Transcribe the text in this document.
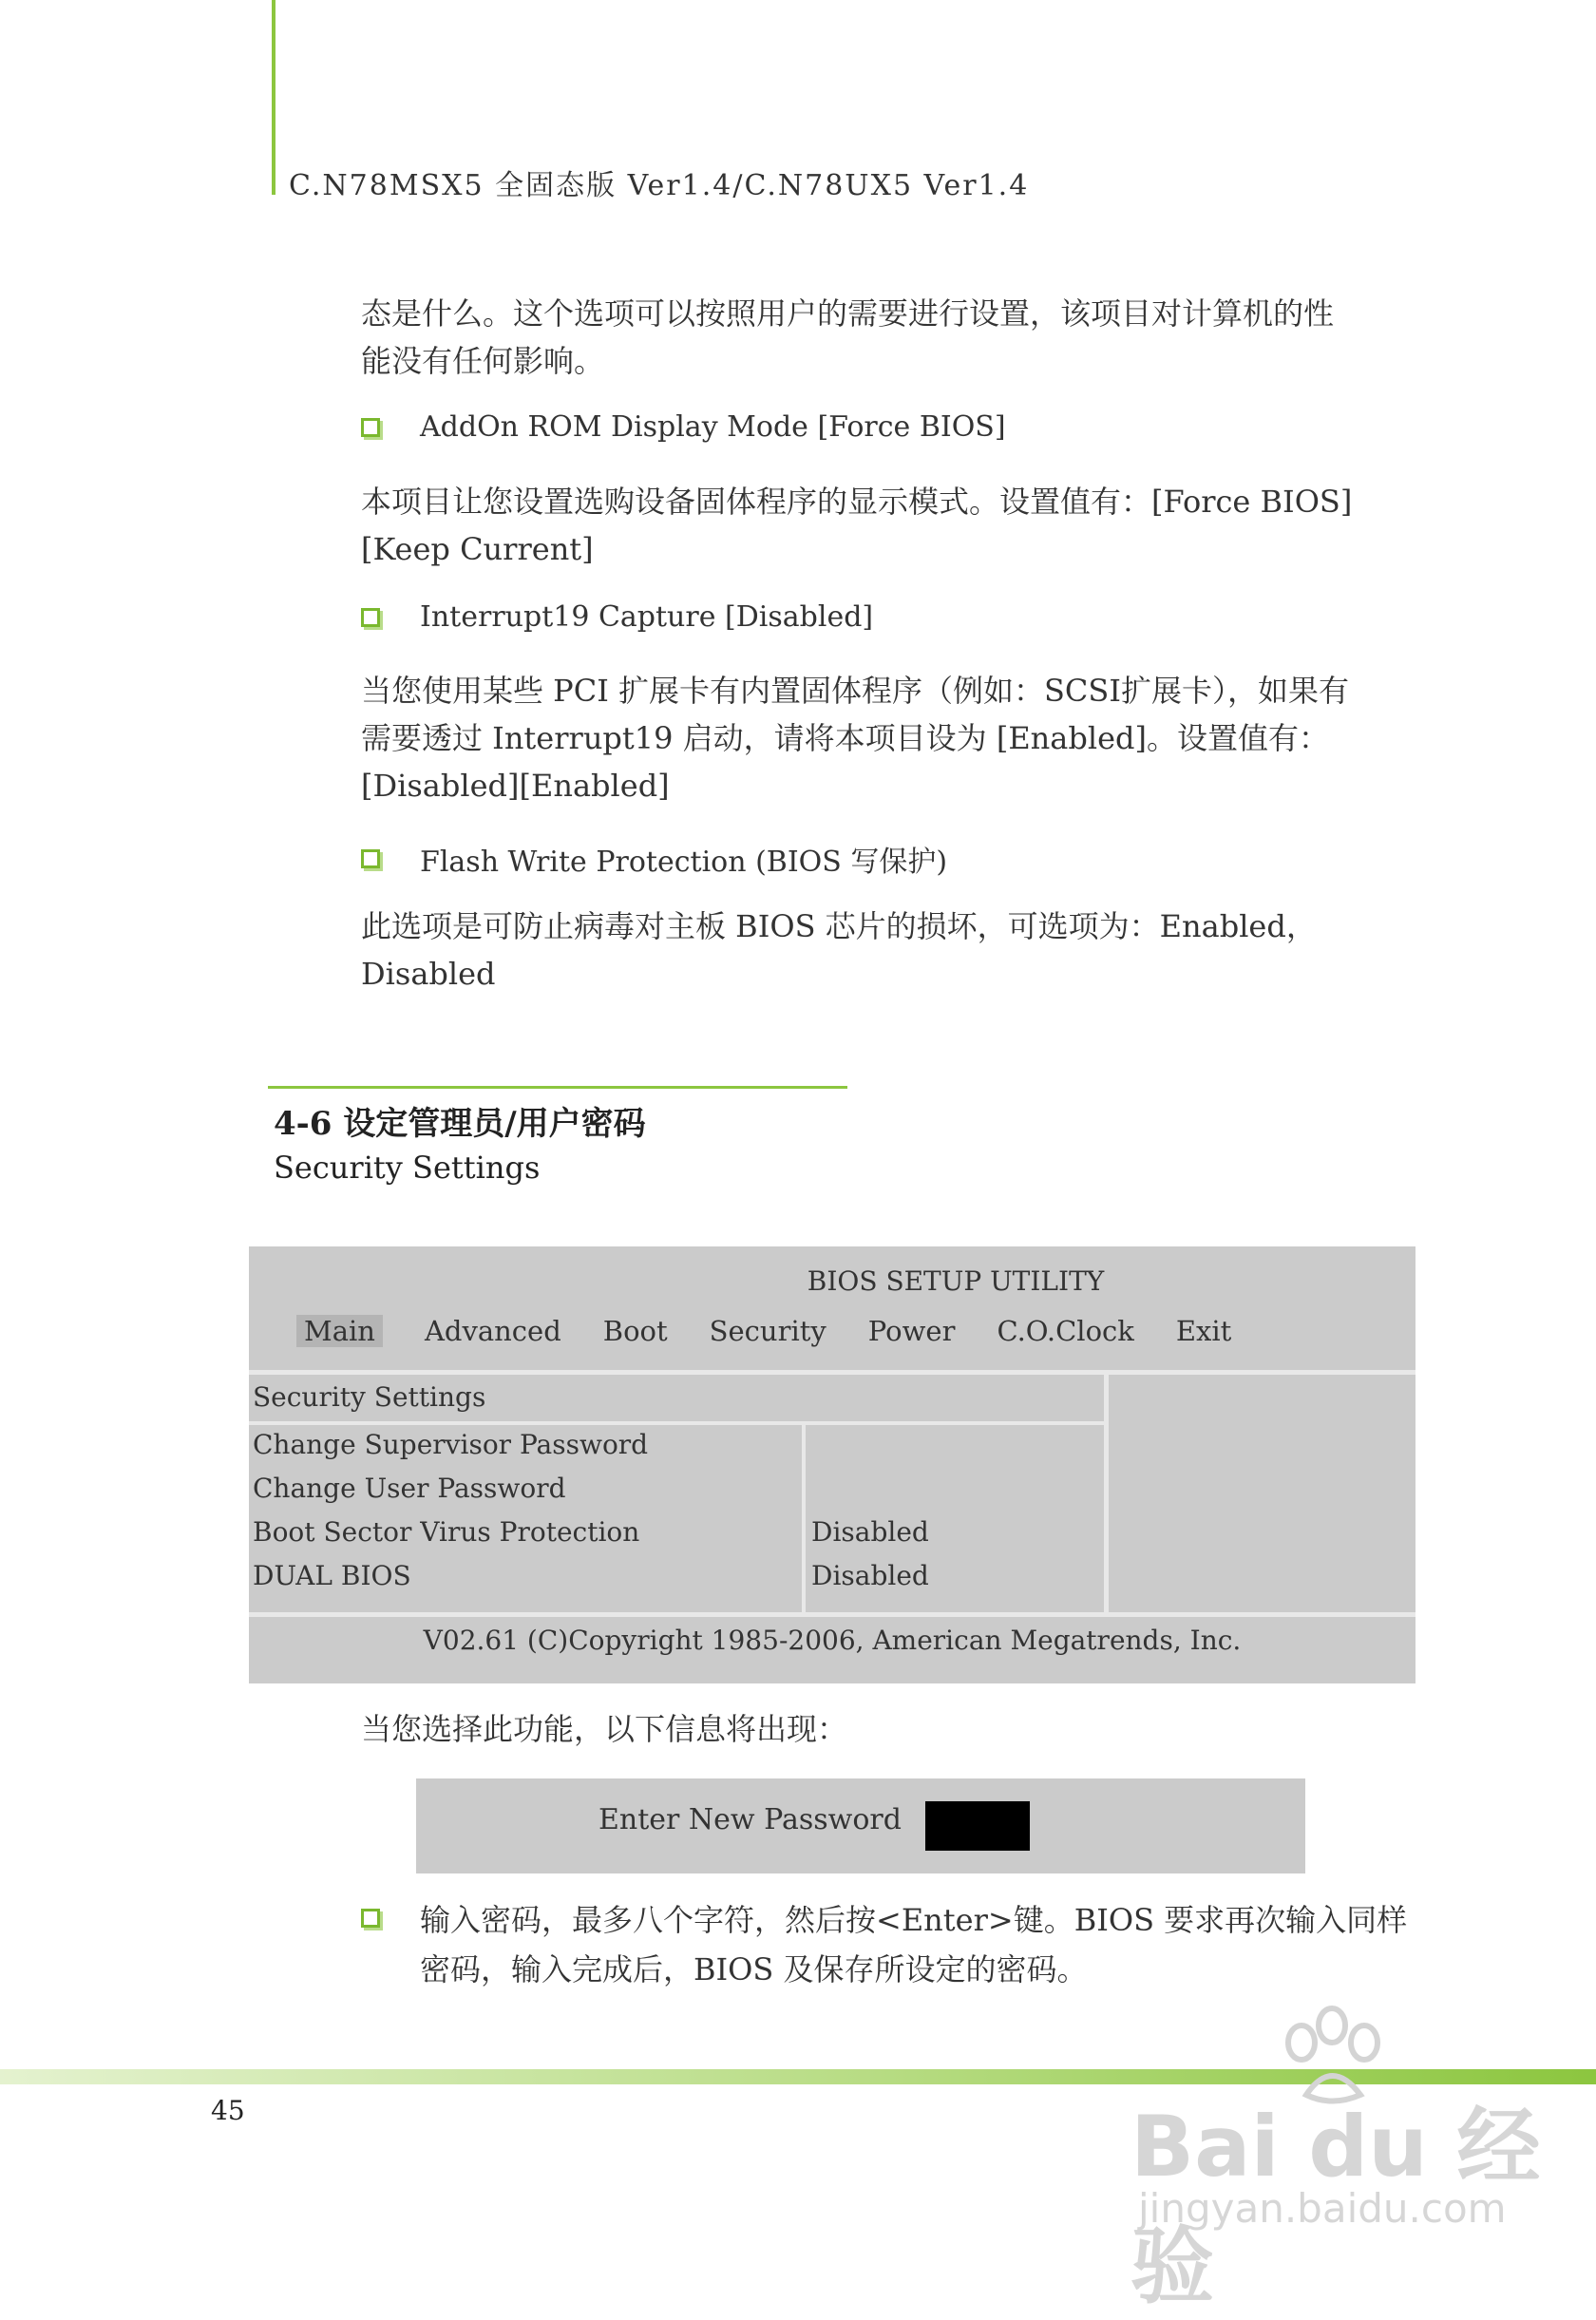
C.N78MSX5 全固态版 Ver1.4/C.N78UX5 Ver1.4
态是什么。这个选项可以按照用户的需要进行设置，该项目对计算机的性
能没有任何影响。
AddOn ROM Display Mode [Force BIOS]
本项目让您设置选购设备固体程序的显示模式。设置值有：[Force BIOS]
[Keep Current]
Interrupt19 Capture [Disabled]
当您使用某些 PCI 扩展卡有内置固体程序（例如：SCSI扩展卡），如果有
需要透过 Interrupt19 启动，请将本项目设为 [Enabled]。设置值有：
[Disabled][Enabled]
Flash Write Protection (BIOS 写保护)
此选项是可防止病毒对主板 BIOS 芯片的损坏，可选项为：Enabled，
Disabled
4-6 设定管理员/用户密码
Security Settings
BIOS SETUP UTILITY
Main Advanced Boot Security Power C.O.Clock Exit
Security Settings
Change Supervisor Password
Change User Password
Boot Sector Virus Protection	Disabled
DUAL BIOS	Disabled
V02.61 (C)Copyright 1985-2006, American Megatrends, Inc.
当您选择此功能，以下信息将出现：
Enter New Password
输入密码，最多八个字符，然后按<Enter>键。BIOS 要求再次输入同样
密码，输入完成后，BIOS 及保存所设定的密码。
45	Bai du 经验
jingyan.baidu.com
